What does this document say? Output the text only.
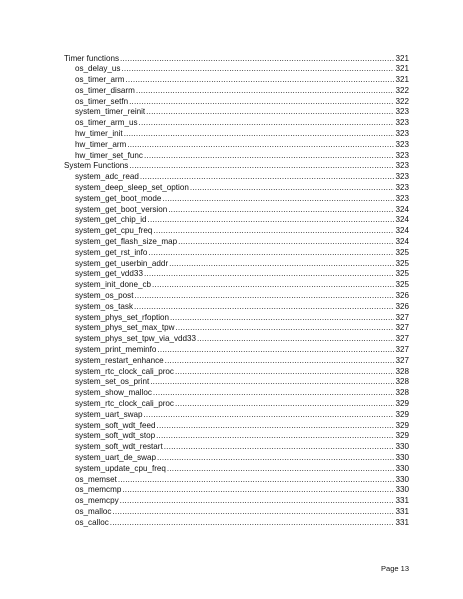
Timer functions .....	321
os_delay_us .....	321
os_timer_arm .....	321
os_timer_disarm .....	322
os_timer_setfn .....	322
system_timer_reinit .....	323
os_timer_arm_us .....	323
hw_timer_init .....	323
hw_timer_arm .....	323
hw_timer_set_func .....	323
System Functions .....	323
system_adc_read .....	323
system_deep_sleep_set_option .....	323
system_get_boot_mode .....	323
system_get_boot_version .....	324
system_get_chip_id .....	324
system_get_cpu_freq .....	324
system_get_flash_size_map .....	324
system_get_rst_info .....	325
system_get_userbin_addr .....	325
system_get_vdd33 .....	325
system_init_done_cb .....	325
system_os_post .....	326
system_os_task .....	326
system_phys_set_rfoption .....	327
system_phys_set_max_tpw .....	327
system_phys_set_tpw_via_vdd33 .....	327
system_print_meminfo .....	327
system_restart_enhance .....	327
system_rtc_clock_cali_proc .....	328
system_set_os_print .....	328
system_show_malloc .....	328
system_rtc_clock_cali_proc .....	329
system_uart_swap .....	329
system_soft_wdt_feed .....	329
system_soft_wdt_stop .....	329
system_soft_wdt_restart .....	330
system_uart_de_swap .....	330
system_update_cpu_freq .....	330
os_memset .....	330
os_memcmp .....	330
os_memcpy .....	331
os_malloc .....	331
os_calloc .....	331
Page 13
